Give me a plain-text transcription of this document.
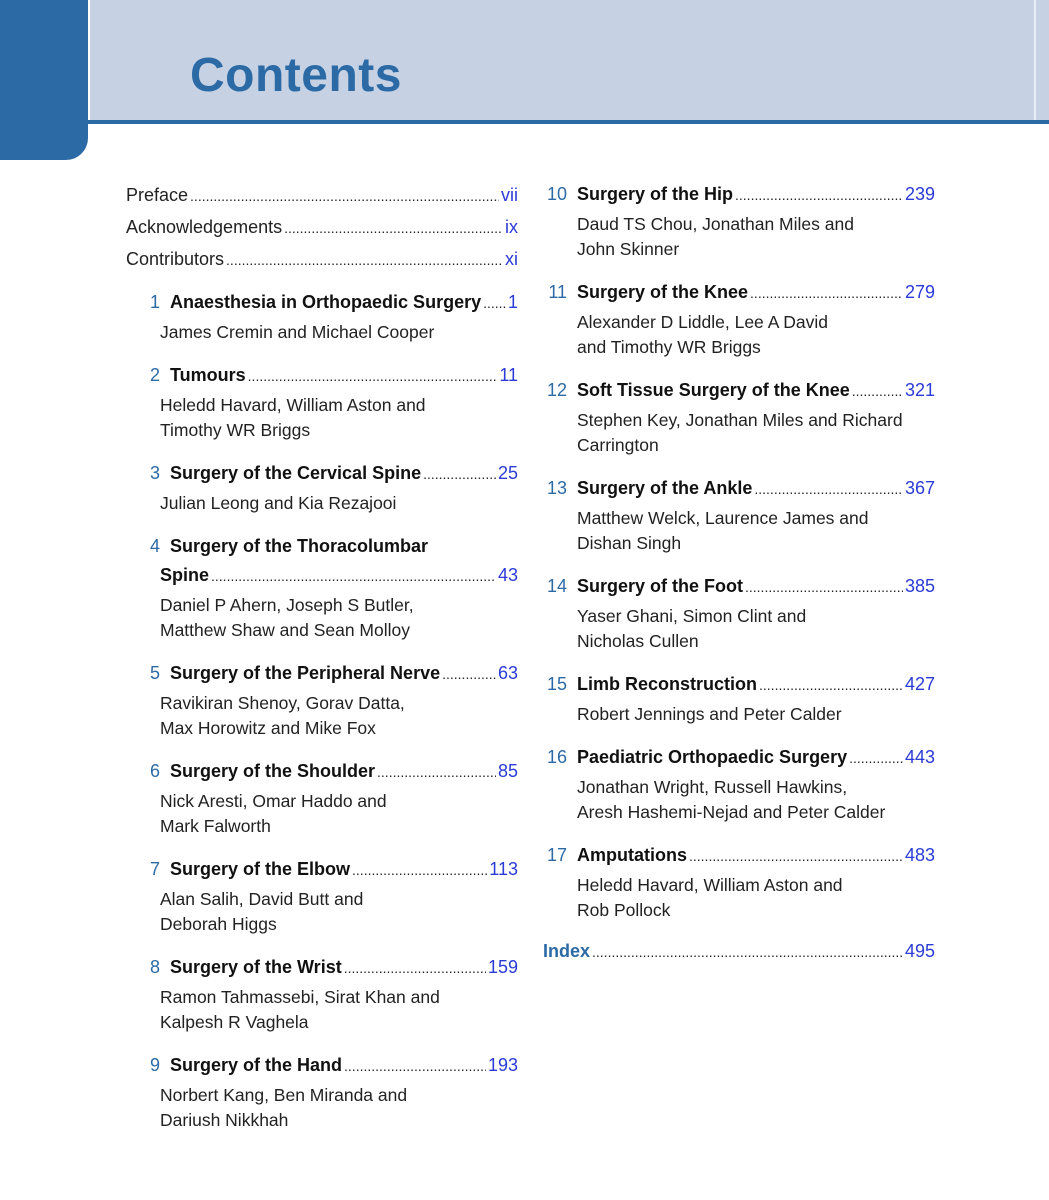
Contents
Preface .....	vii
Acknowledgements .....	ix
Contributors .....	xi
1 Anaesthesia in Orthopaedic Surgery ..... 1
James Cremin and Michael Cooper
2 Tumours .....	11
Heledd Havard, William Aston and
Timothy WR Briggs
3 Surgery of the Cervical Spine .....	25
Julian Leong and Kia Rezajooi
4 Surgery of the Thoracolumbar
Spine .....	43
Daniel P Ahern, Joseph S Butler,
Matthew Shaw and Sean Molloy
5 Surgery of the Peripheral Nerve .....	63
Ravikiran Shenoy, Gorav Datta,
Max Horowitz and Mike Fox
6 Surgery of the Shoulder .....	85
Nick Aresti, Omar Haddo and
Mark Falworth
7 Surgery of the Elbow .....	113
Alan Salih, David Butt and
Deborah Higgs
8 Surgery of the Wrist .....	159
Ramon Tahmassebi, Sirat Khan and
Kalpesh R Vaghela
9 Surgery of the Hand .....	193
Norbert Kang, Ben Miranda and
Dariush Nikkhah
10 Surgery of the Hip .....	239
Daud TS Chou, Jonathan Miles and
John Skinner
11 Surgery of the Knee .....	279
Alexander D Liddle, Lee A David
and Timothy WR Briggs
12 Soft Tissue Surgery of the Knee .....	321
Stephen Key, Jonathan Miles and Richard
Carrington
13 Surgery of the Ankle .....	367
Matthew Welck, Laurence James and
Dishan Singh
14 Surgery of the Foot .....	385
Yaser Ghani, Simon Clint and
Nicholas Cullen
15 Limb Reconstruction .....	427
Robert Jennings and Peter Calder
16 Paediatric Orthopaedic Surgery .....	443
Jonathan Wright, Russell Hawkins,
Aresh Hashemi-Nejad and Peter Calder
17 Amputations .....	483
Heledd Havard, William Aston and
Rob Pollock
Index .....	495
